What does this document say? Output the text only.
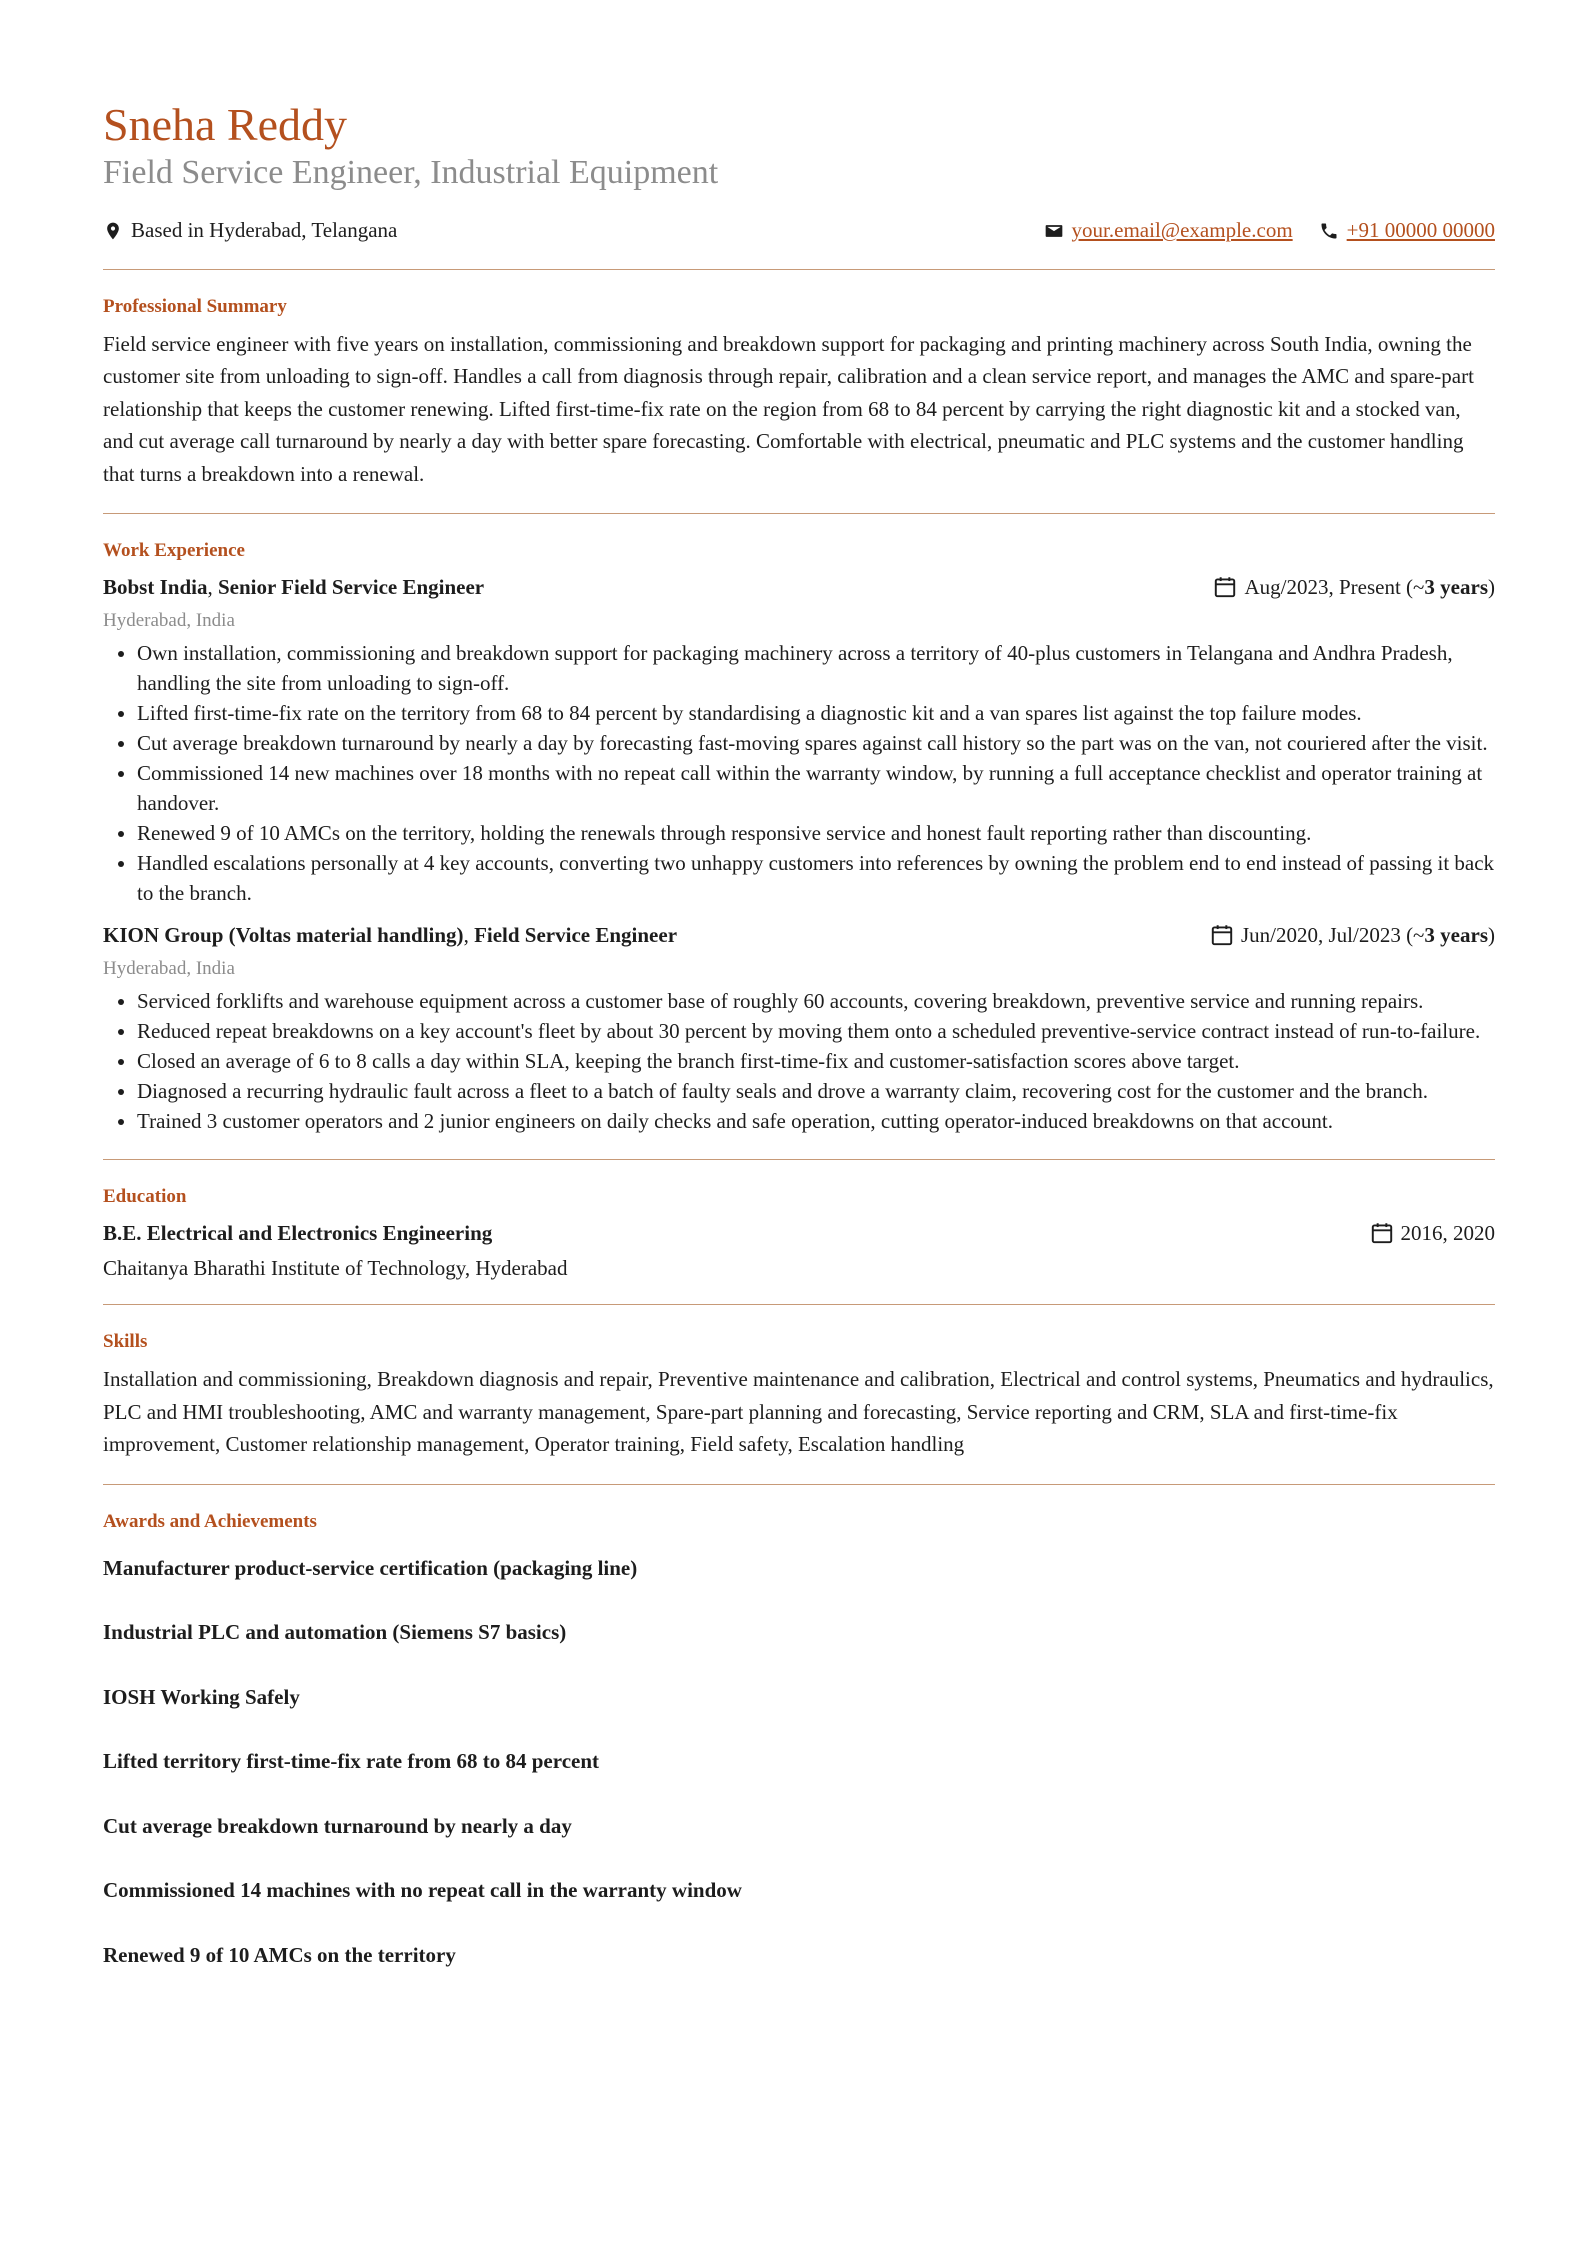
Sneha Reddy
Field Service Engineer, Industrial Equipment
Based in Hyderabad, Telangana	your.email@example.com	+91 00000 00000
Professional Summary

Field service engineer with five years on installation, commissioning and breakdown support for packaging and printing machinery across South India, owning the customer site from unloading to sign-off. Handles a call from diagnosis through repair, calibration and a clean service report, and manages the AMC and spare-part relationship that keeps the customer renewing. Lifted first-time-fix rate on the region from 68 to 84 percent by carrying the right diagnostic kit and a stocked van, and cut average call turnaround by nearly a day with better spare forecasting. Comfortable with electrical, pneumatic and PLC systems and the customer handling that turns a breakdown into a renewal.

Work Experience
Bobst India, Senior Field Service Engineer	Aug/2023, Present (~ 3 years )
Hyderabad, India
• Own installation, commissioning and breakdown support for packaging machinery across a territory of 40-plus customers in Telangana and Andhra Pradesh, handling the site from unloading to sign-off.
• Lifted first-time-fix rate on the territory from 68 to 84 percent by standardising a diagnostic kit and a van spares list against the top failure modes.
• Cut average breakdown turnaround by nearly a day by forecasting fast-moving spares against call history so the part was on the van, not couriered after the visit.
• Commissioned 14 new machines over 18 months with no repeat call within the warranty window, by running a full acceptance checklist and operator training at handover.
• Renewed 9 of 10 AMCs on the territory, holding the renewals through responsive service and honest fault reporting rather than discounting.
• Handled escalations personally at 4 key accounts, converting two unhappy customers into references by owning the problem end to end instead of passing it back to the branch.
KION Group (Voltas material handling), Field Service Engineer	Jun/2020, Jul/2023 (~ 3 years )
Hyderabad, India
• Serviced forklifts and warehouse equipment across a customer base of roughly 60 accounts, covering breakdown, preventive service and running repairs.
• Reduced repeat breakdowns on a key account's fleet by about 30 percent by moving them onto a scheduled preventive-service contract instead of run-to-failure.
• Closed an average of 6 to 8 calls a day within SLA, keeping the branch first-time-fix and customer-satisfaction scores above target.
• Diagnosed a recurring hydraulic fault across a fleet to a batch of faulty seals and drove a warranty claim, recovering cost for the customer and the branch.
• Trained 3 customer operators and 2 junior engineers on daily checks and safe operation, cutting operator-induced breakdowns on that account.
Education
B.E. Electrical and Electronics Engineering	2016, 2020
Chaitanya Bharathi Institute of Technology, Hyderabad
Skills

Installation and commissioning, Breakdown diagnosis and repair, Preventive maintenance and calibration, Electrical and control systems, Pneumatics and hydraulics, PLC and HMI troubleshooting, AMC and warranty management, Spare-part planning and forecasting, Service reporting and CRM, SLA and first-time-fix improvement, Customer relationship management, Operator training, Field safety, Escalation handling

Awards and Achievements
Manufacturer product-service certification (packaging line)
Industrial PLC and automation (Siemens S7 basics)
IOSH Working Safely
Lifted territory first-time-fix rate from 68 to 84 percent
Cut average breakdown turnaround by nearly a day
Commissioned 14 machines with no repeat call in the warranty window
Renewed 9 of 10 AMCs on the territory
